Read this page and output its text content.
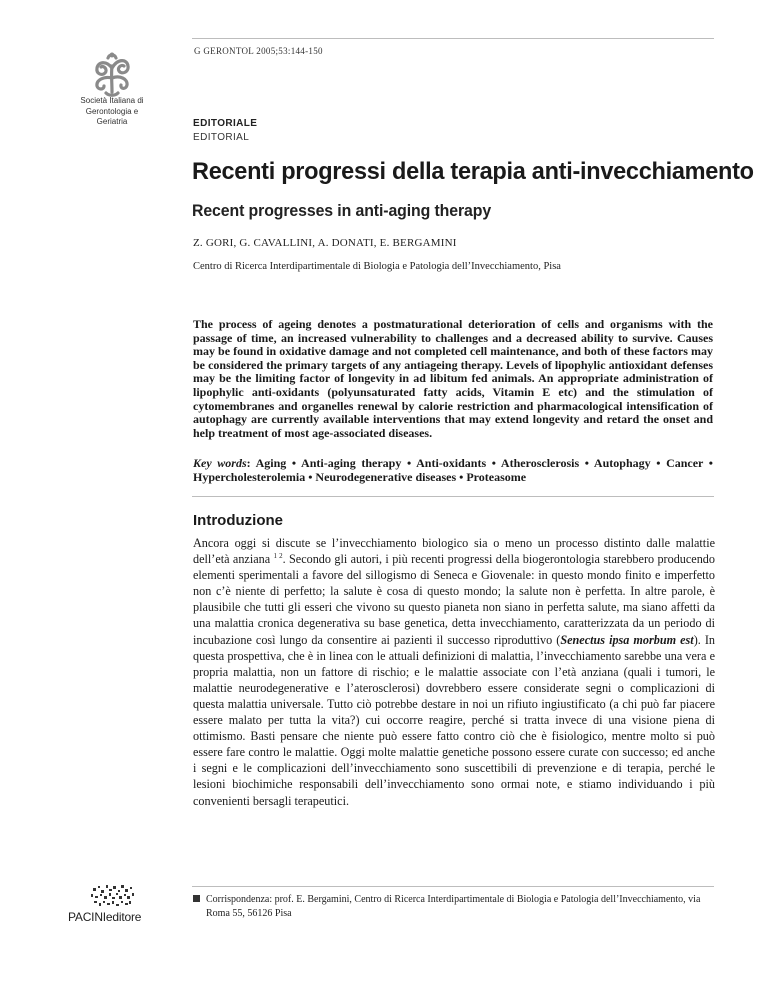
G GERONTOL 2005;53:144-150
Società Italiana di
Gerontologia e
Geriatria	EDITORIALE
EDITORIAL
Recenti progressi della terapia anti-invecchiamento
Recent progresses in anti-aging therapy
Z. GORI, G. CAVALLINI, A. DONATI, E. BERGAMINI
Centro di Ricerca Interdipartimentale di Biologia e Patologia dell’Invecchiamento, Pisa

The process of ageing denotes a postmaturational deterioration of cells and organisms with the passage of time, an increased vulnerability to challenges and a decreased ability to survive. Causes may be found in oxidative damage and not completed cell maintenance, and both of these factors may be considered the primary targets of any antiageing therapy. Levels of lipophylic antioxidant defenses may be the limiting factor of longevity in ad libitum fed animals. An appropriate administration of lipophylic anti-oxidants (polyunsaturated fatty acids, Vitamin E etc) and the stimulation of cytomembranes and organelles renewal by calorie restriction and pharmacological intensification of autophagy are currently available interventions that may extend longevity and retard the onset and help treatment of most age-associated diseases.

Key words: Aging • Anti-aging therapy • Anti-oxidants • Atherosclerosis • Autophagy • Cancer • Hypercholesterolemia • Neurodegenerative diseases • Proteasome

Introduzione

Ancora oggi si discute se l’invecchiamento biologico sia o meno un processo distinto dalle malattie dell’età anziana $^{1 2}$. Secondo gli autori, i più recenti progressi della biogerontologia starebbero producendo elementi sperimentali a favore del sillogismo di Seneca e Giovenale: in questo mondo finito e imperfetto non c’è niente di perfetto; la salute è cosa di questo mondo; la salute non è perfetta. In altre parole, è plausibile che tutti gli esseri che vivono su questo pianeta non siano in perfetta salute, ma siano affetti da una malattia cronica degenerativa su base genetica, detta invecchiamento, caratterizzata da un periodo di incubazione così lungo da consentire ai pazienti il successo riproduttivo (Senectus ipsa morbum est). In questa prospettiva, che è in linea con le attuali definizioni di malattia, l’invecchiamento sarebbe una vera e propria malattia, non un fattore di rischio; e le malattie associate con l’età anziana (quali i tumori, le malattie neurodegenerative e l’aterosclerosi) dovrebbero essere considerate segni o complicazioni di questa malattia universale. Tutto ciò potrebbe destare in noi un rifiuto ingiustificato (a chi può far piacere essere malato per tutta la vita?) cui occorre reagire, perché si tratta invece di una visione piena di ottimismo. Basti pensare che niente può essere fatto contro ciò che è fisiologico, mentre molto si può essere fare contro le malattie. Oggi molte malattie genetiche possono essere curate con successo; ed anche i segni e le complicazioni dell’invecchiamento sono suscettibili di prevenzione e di terapia, perché le lesioni biochimiche responsabili dell’invecchiamento sono ormai note, e stiamo individuando i più convenienti bersagli terapeutici.

Corrispondenza: prof. E. Bergamini, Centro di Ricerca Interdipartimentale di Biologia e Patologia dell’Invecchiamento, via Roma 55, 56126 Pisa

PACINIeditore
